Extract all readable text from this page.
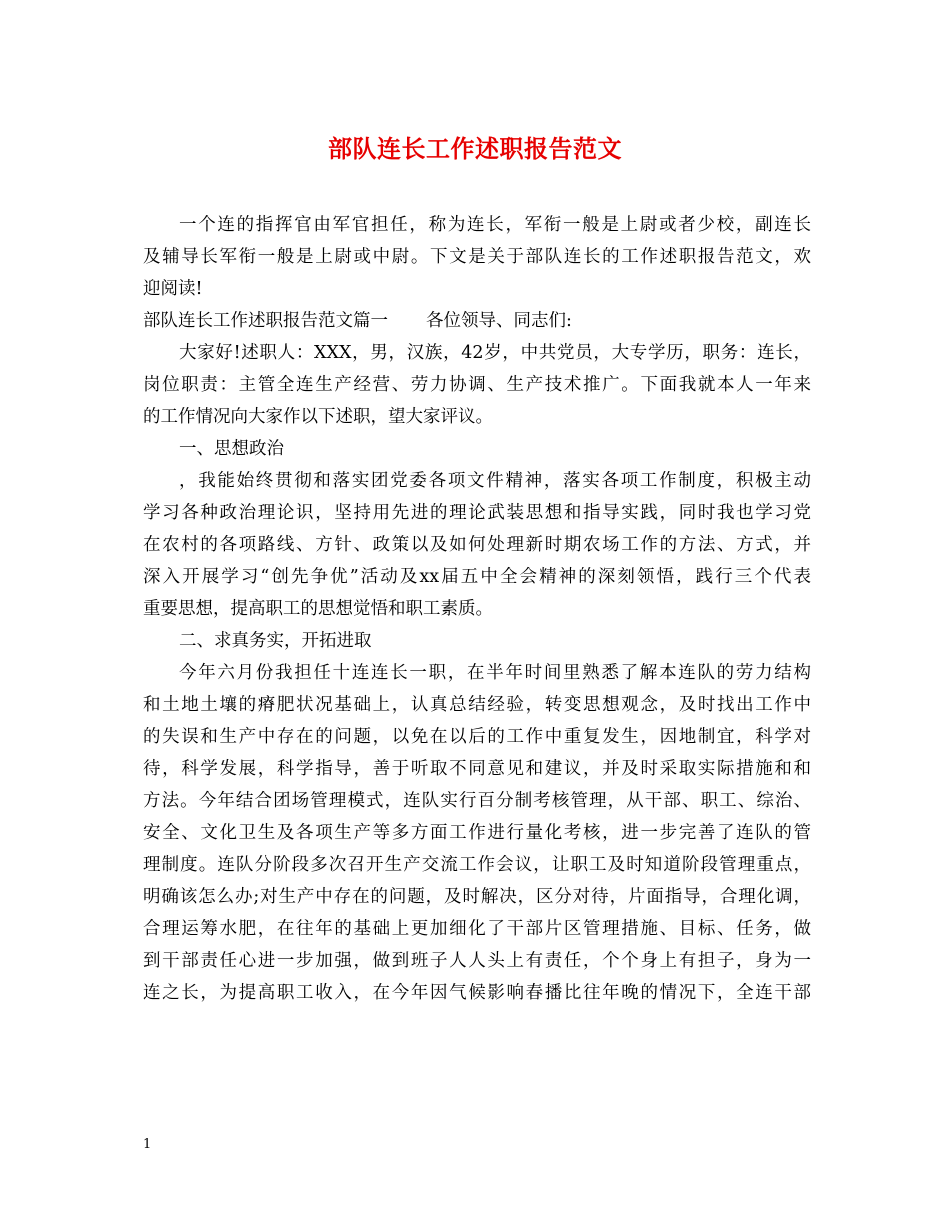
部队连长工作述职报告范文
一个连的指挥官由军官担任，称为连长，军衔一般是上尉或者少校，副连长
及辅导长军衔一般是上尉或中尉。下文是关于部队连长的工作述职报告范文，欢
迎阅读!
部队连长工作述职报告范文篇一 各位领导、同志们:
大家好!述职人：XXX，男，汉族，42岁，中共党员，大专学历，职务：连长，
岗位职责：主管全连生产经营、劳力协调、生产技术推广。下面我就本人一年来
的工作情况向大家作以下述职，望大家评议。
一、思想政治
，我能始终贯彻和落实团党委各项文件精神，落实各项工作制度，积极主动
学习各种政治理论识，坚持用先进的理论武装思想和指导实践，同时我也学习党
在农村的各项路线、方针、政策以及如何处理新时期农场工作的方法、方式，并
深入开展学习“创先争优”活动及xx届五中全会精神的深刻领悟，践行三个代表
重要思想，提高职工的思想觉悟和职工素质。
二、求真务实，开拓进取
今年六月份我担任十连连长一职，在半年时间里熟悉了解本连队的劳力结构
和土地土壤的瘠肥状况基础上，认真总结经验，转变思想观念，及时找出工作中
的失误和生产中存在的问题，以免在以后的工作中重复发生，因地制宜，科学对
待，科学发展，科学指导，善于听取不同意见和建议，并及时采取实际措施和和
方法。今年结合团场管理模式，连队实行百分制考核管理，从干部、职工、综治、
安全、文化卫生及各项生产等多方面工作进行量化考核，进一步完善了连队的管
理制度。连队分阶段多次召开生产交流工作会议，让职工及时知道阶段管理重点，
明确该怎么办;对生产中存在的问题，及时解决，区分对待，片面指导，合理化调，
合理运筹水肥，在往年的基础上更加细化了干部片区管理措施、目标、任务，做
到干部责任心进一步加强，做到班子人人头上有责任，个个身上有担子，身为一
连之长，为提高职工收入，在今年因气候影响春播比往年晚的情况下，全连干部
1
